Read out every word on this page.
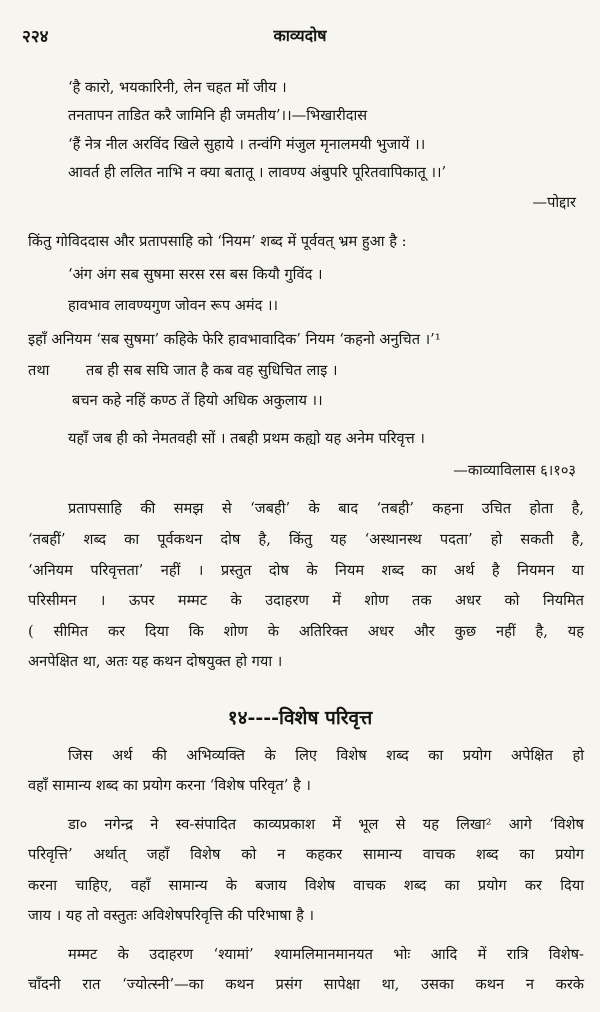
२२४	काव्यदोष
‘है कारो, भयकारिनी, लेन चहत मों जीय ।
तनतापन ताडित करै जामिनि ही जमतीय’।।—भिखारीदास
‘हैं नेत्र नील अरविंद खिले सुहाये । तन्वंगि मंजुल मृनालमयी भुजायें ।।
आवर्त ही ललित नाभि न क्या बतातू । लावण्य अंबुपरि पूरितवापिकातू ।।’
—पोद्दार
किंतु गोविददास और प्रतापसाहि को ‘नियम’ शब्द में पूर्ववत् भ्रम हुआ है :
‘अंग अंग सब सुषमा सरस रस बस कियौ गुविंद ।
हावभाव लावण्यगुण जोवन रूप अमंद ।।
इहाँ अनियम ‘सब सुषमा’ कहिके फेरि हावभावादिक’ नियम ‘कहनो अनुचित ।’¹
तथा	तब ही सब सघि जात है कब वह सुधिचित लाइ ।
बचन कहे नहिं कण्ठ तें हियो अधिक अकुलाय ।।
यहाँ जब ही को नेमतवही सों । तबही प्रथम कह्यो यह अनेम परिवृत्त ।
—काव्याविलास ६।१०३
प्रतापसाहि की समझ से ‘जबही’ के बाद ‘तबही’ कहना उचित होता है,
‘तबहीं’ शब्द का पूर्वकथन दोष है, किंतु यह ‘अस्थानस्थ पदता’ हो सकती है,
‘अनियम परिवृत्तता’ नहीं । प्रस्तुत दोष के नियम शब्द का अर्थ है नियमन या
परिसीमन । ऊपर मम्मट के उदाहरण में शोण तक अधर को नियमित
( सीमित कर दिया कि शोण के अतिरिक्त अधर और कुछ नहीं है, यह
अनपेक्षित था, अतः यह कथन दोषयुक्त हो गया ।
१४----विशेष परिवृत्त
जिस अर्थ की अभिव्यक्ति के लिए विशेष शब्द का प्रयोग अपेक्षित हो
वहाँ सामान्य शब्द का प्रयोग करना ‘विशेष परिवृत’ है ।
डा० नगेन्द्र ने स्व-संपादित काव्यप्रकाश में भूल से यह लिखा² आगे ‘विशेष
परिवृत्ति’ अर्थात् जहाँ विशेष को न कहकर सामान्य वाचक शब्द का प्रयोग
करना चाहिए, वहाँ सामान्य के बजाय विशेष वाचक शब्द का प्रयोग कर दिया
जाय । यह तो वस्तुतः अविशेषपरिवृत्ति की परिभाषा है ।
मम्मट के उदाहरण ‘श्यामां’ श्यामलिमानमानयत भोः आदि में रात्रि विशेष-
चाँदनी रात ‘ज्योत्स्नी’—का कथन प्रसंग सापेक्षा था, उसका कथन न करके
